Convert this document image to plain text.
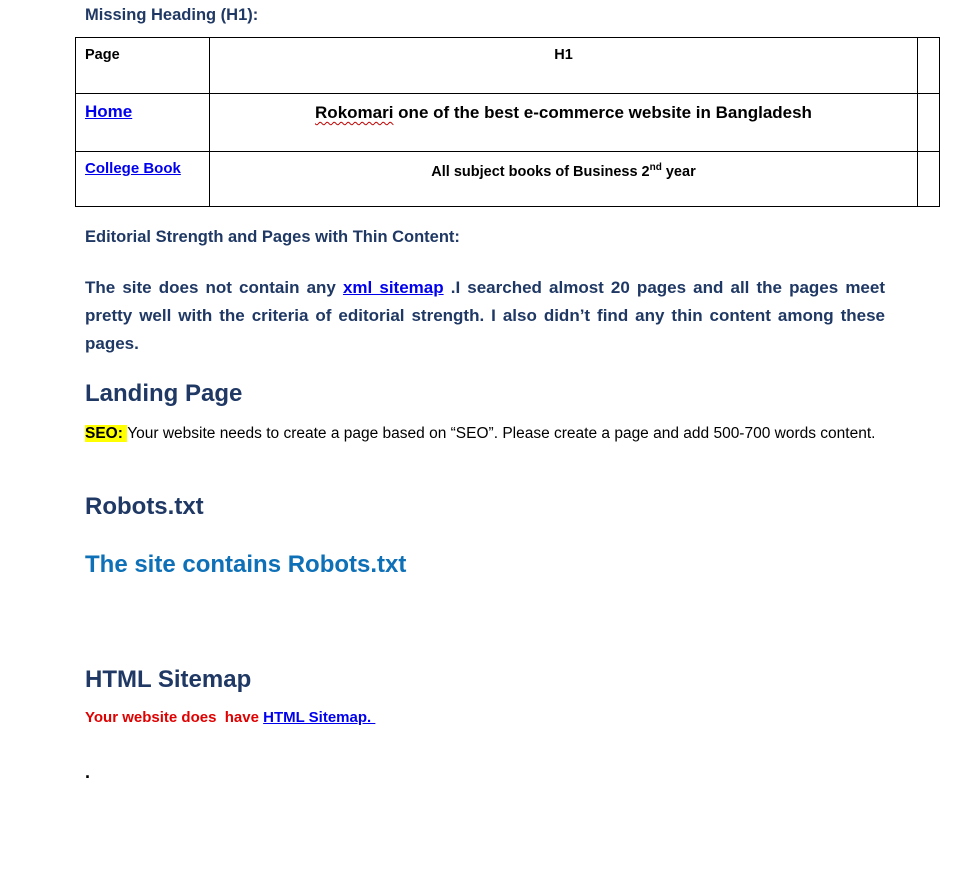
Missing Heading (H1):
Page	H1	
Home	Rokomari one of the best e-commerce website in Bangladesh	
College Book	All subject books of Business 2nd year	
Editorial Strength and Pages with Thin Content:
The site does not contain any xml sitemap .I searched almost 20 pages and all the pages meet pretty well with the criteria of editorial strength. I also didn’t find any thin content among these pages.
Landing Page
SEO: Your website needs to create a page based on “SEO”. Please create a page and add 500-700 words content.
Robots.txt
The site contains Robots.txt
HTML Sitemap
Your website does  have HTML Sitemap.
.
